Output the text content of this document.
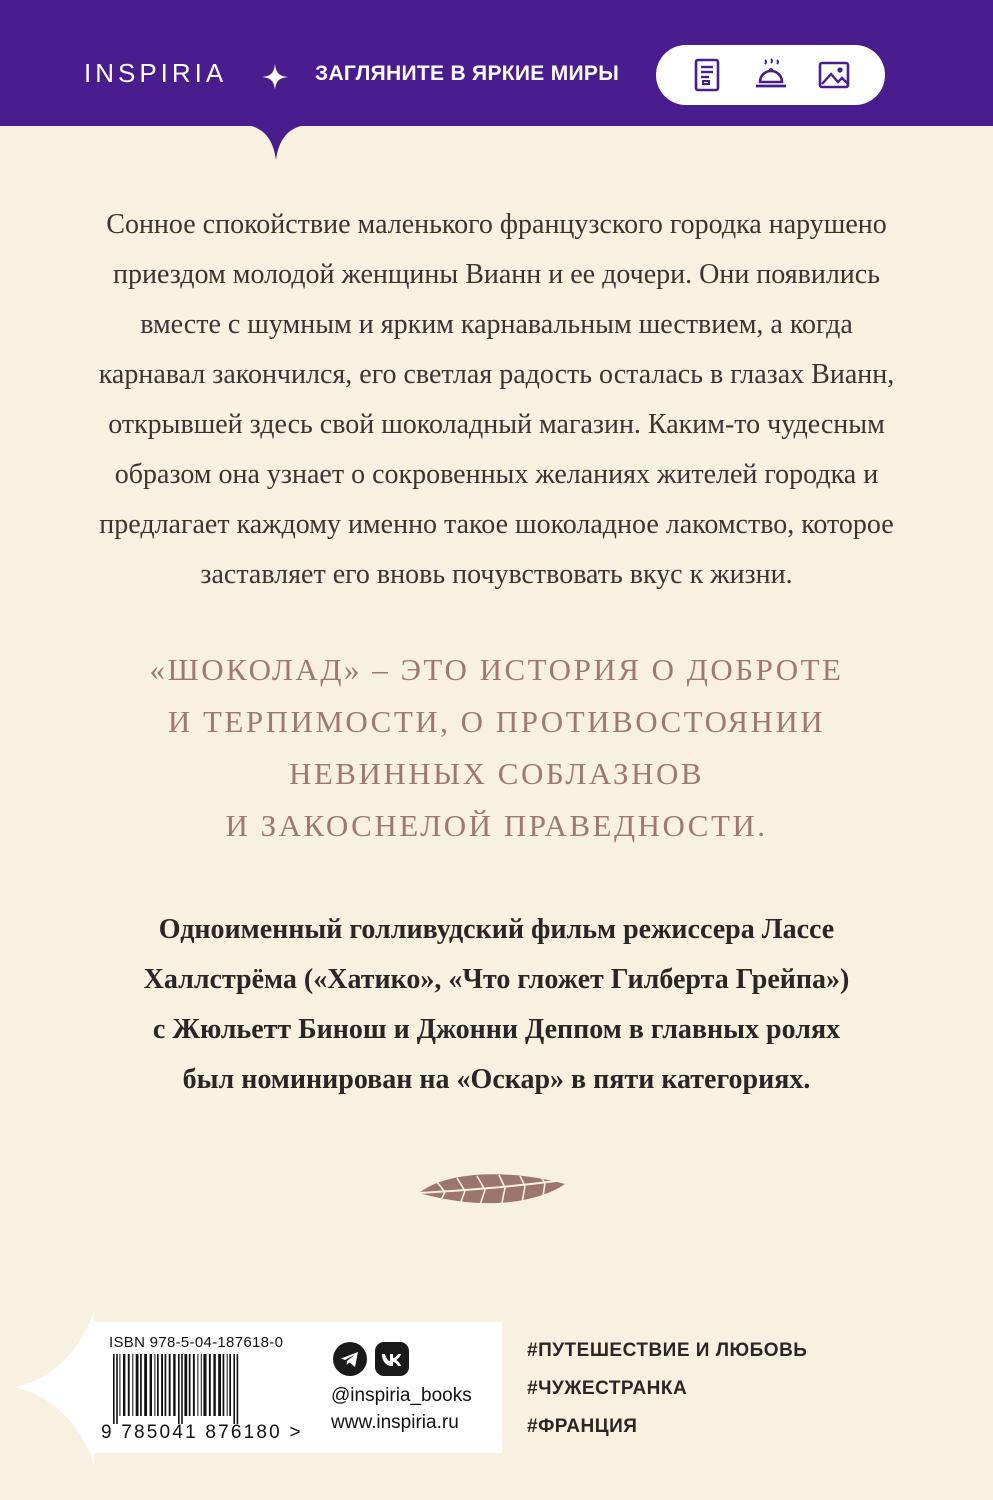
INSPIRIA	ЗАГЛЯНИТЕ В ЯРКИЕ МИРЫ
Сонное спокойствие маленького французского городка нарушено
приездом молодой женщины Вианн и ее дочери. Они появились
вместе с шумным и ярким карнавальным шествием, а когда
карнавал закончился, его светлая радость осталась в глазах Вианн,
открывшей здесь свой шоколадный магазин. Каким-то чудесным
образом она узнает о сокровенных желаниях жителей городка и
предлагает каждому именно такое шоколадное лакомство, которое
заставляет его вновь почувствовать вкус к жизни.
«ШОКОЛАД» – ЭТО ИСТОРИЯ О ДОБРОТЕ
И ТЕРПИМОСТИ, О ПРОТИВОСТОЯНИИ
НЕВИННЫХ СОБЛАЗНОВ
И ЗАКОСНЕЛОЙ ПРАВЕДНОСТИ.
Одноименный голливудский фильм режиссера Лассе
Халлстрёма («Хатико», «Что гложет Гилберта Грейпа»)
с Жюльетт Бинош и Джонни Деппом в главных ролях
был номинирован на «Оскар» в пяти категориях.
ISBN 978-5-04-187618-0
9 785041 876180 >
@inspiria_books
www.inspiria.ru
#ПУТЕШЕСТВИЕ И ЛЮБОВЬ
#ЧУЖЕСТРАНКА
#ФРАНЦИЯ
